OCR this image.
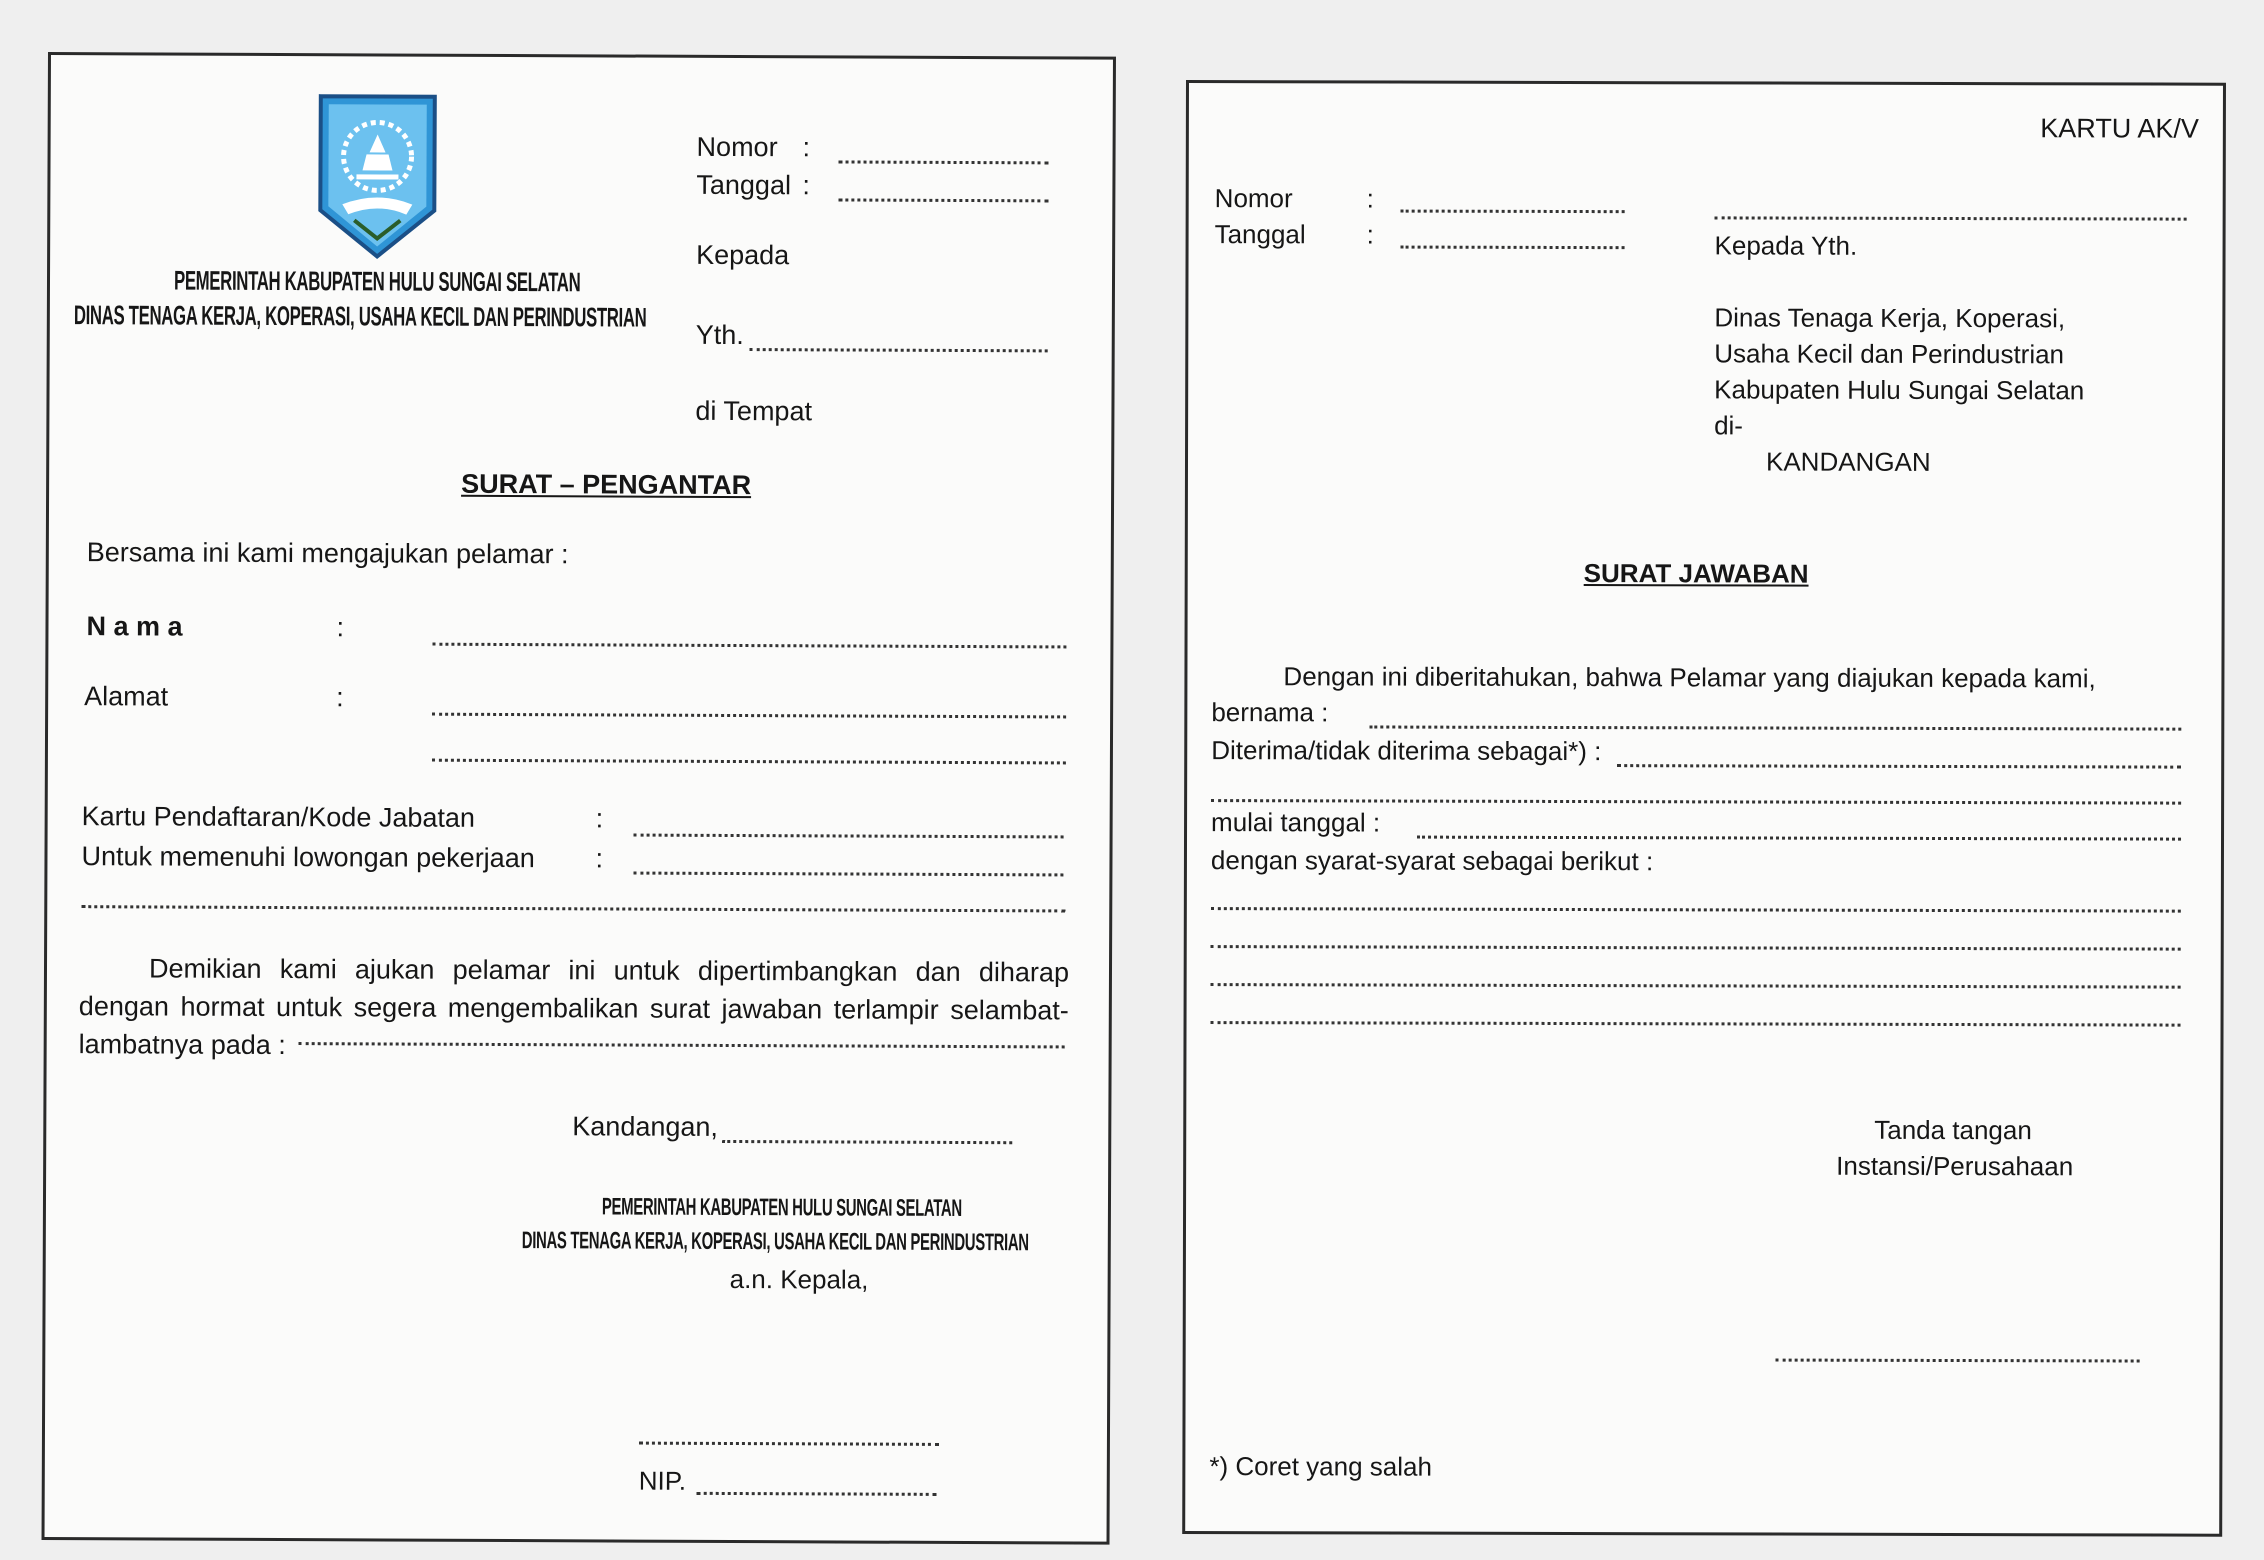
PEMERINTAH KABUPATEN HULU SUNGAI SELATAN
DINAS TENAGA KERJA, KOPERASI, USAHA KECIL DAN PERINDUSTRIAN
Nomor :
Tanggal :
Kepada
Yth.
di Tempat
SURAT – PENGANTAR
Bersama ini kami mengajukan pelamar :
N a m a	:
Alamat	:
Kartu Pendaftaran/Kode Jabatan	:
Untuk memenuhi lowongan pekerjaan :
Demikian kami ajukan pelamar ini untuk dipertimbangkan dan diharap dengan hormat untuk segera mengembalikan surat jawaban terlampir selambat-lambatnya pada :
Kandangan,
PEMERINTAH KABUPATEN HULU SUNGAI SELATAN
DINAS TENAGA KERJA, KOPERASI, USAHA KECIL DAN PERINDUSTRIAN
a.n. Kepala,
NIP.
KARTU AK/V
Nomor	:
Tanggal :	Kepada Yth.
Dinas Tenaga Kerja, Koperasi,
Usaha Kecil dan Perindustrian
Kabupaten Hulu Sungai Selatan
di-
KANDANGAN
SURAT JAWABAN
Dengan ini diberitahukan, bahwa Pelamar yang diajukan kepada kami,
bernama :
Diterima/tidak diterima sebagai*) :
mulai tanggal :
dengan syarat-syarat sebagai berikut :
Tanda tangan
Instansi/Perusahaan
*) Coret yang salah
